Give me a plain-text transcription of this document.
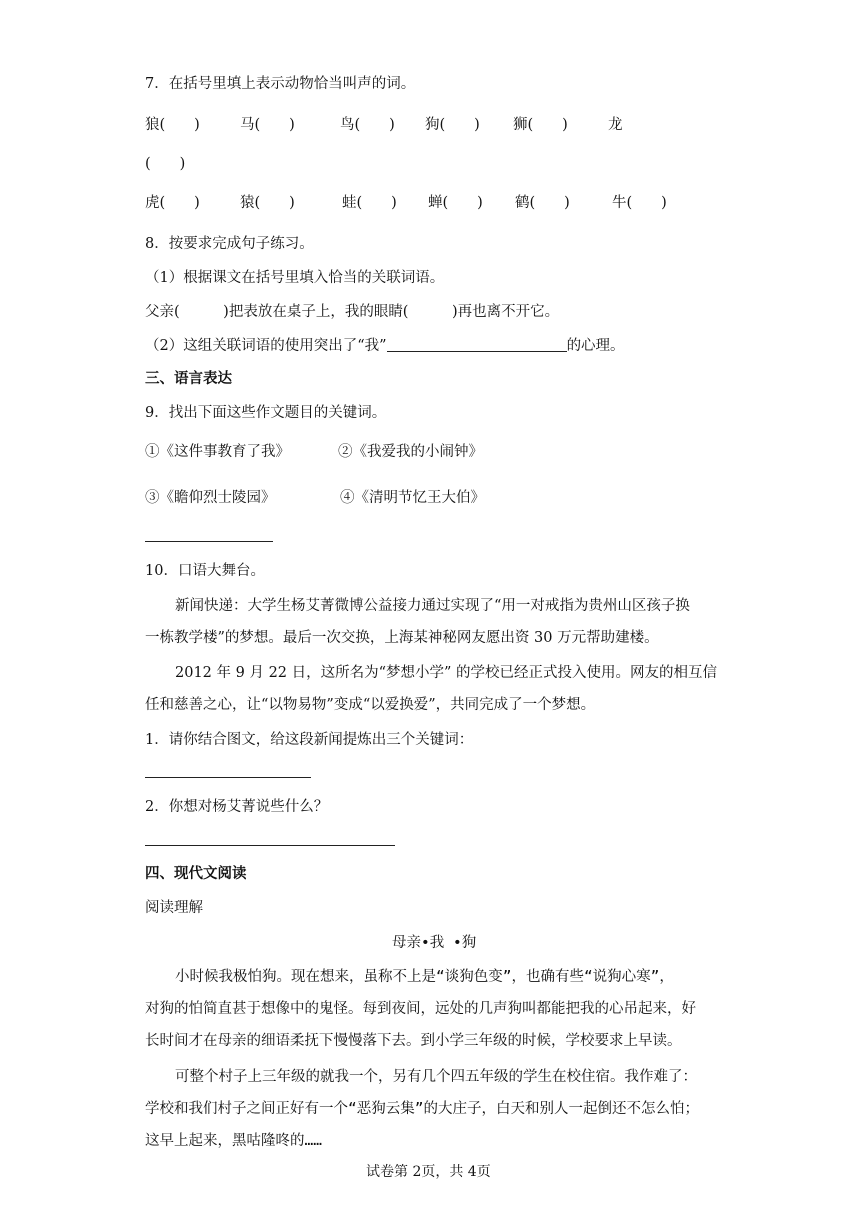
7．在括号里填上表示动物恰当叫声的词。
狼(　　)	马(　　)	鸟(　　) 狗(　　) 狮(　　)	龙
(　　)
虎(　　)	猿(　　)	蛙(　　) 蝉(　　) 鹤(　　)	牛(　　)
8．按要求完成句子练习。
（1）根据课文在括号里填入恰当的关联词语。
父亲(　　　)把表放在桌子上，我的眼睛(　　　)再也离不开它。
（2）这组关联词语的使用突出了“我”	的心理。
三、语言表达
9．找出下面这些作文题目的关键词。
①《这件事教育了我》	②《我爱我的小闹钟》
③《瞻仰烈士陵园》	④《清明节忆王大伯》
10．口语大舞台。
新闻快递：大学生杨艾菁微博公益接力通过实现了“用一对戒指为贵州山区孩子换
一栋教学楼”的梦想。最后一次交换，上海某神秘网友愿出资 30 万元帮助建楼。
2012 年 9 月 22 日，这所名为“梦想小学” 的学校已经正式投入使用。网友的相互信
任和慈善之心，让“以物易物”变成“以爱换爱”，共同完成了一个梦想。
1．请你结合图文，给这段新闻提炼出三个关键词：
2．你想对杨艾菁说些什么？
四、现代文阅读
阅读理解
母亲•我 •狗
小时候我极怕狗。现在想来，虽称不上是“谈狗色变”，也确有些“说狗心寒”，
对狗的怕简直甚于想像中的鬼怪。每到夜间，远处的几声狗叫都能把我的心吊起来，好
长时间才在母亲的细语柔抚下慢慢落下去。到小学三年级的时候，学校要求上早读。
可整个村子上三年级的就我一个，另有几个四五年级的学生在校住宿。我作难了：
学校和我们村子之间正好有一个“恶狗云集”的大庄子，白天和别人一起倒还不怎么怕；
这早上起来，黑咕隆咚的……
试卷第 2页，共 4页
